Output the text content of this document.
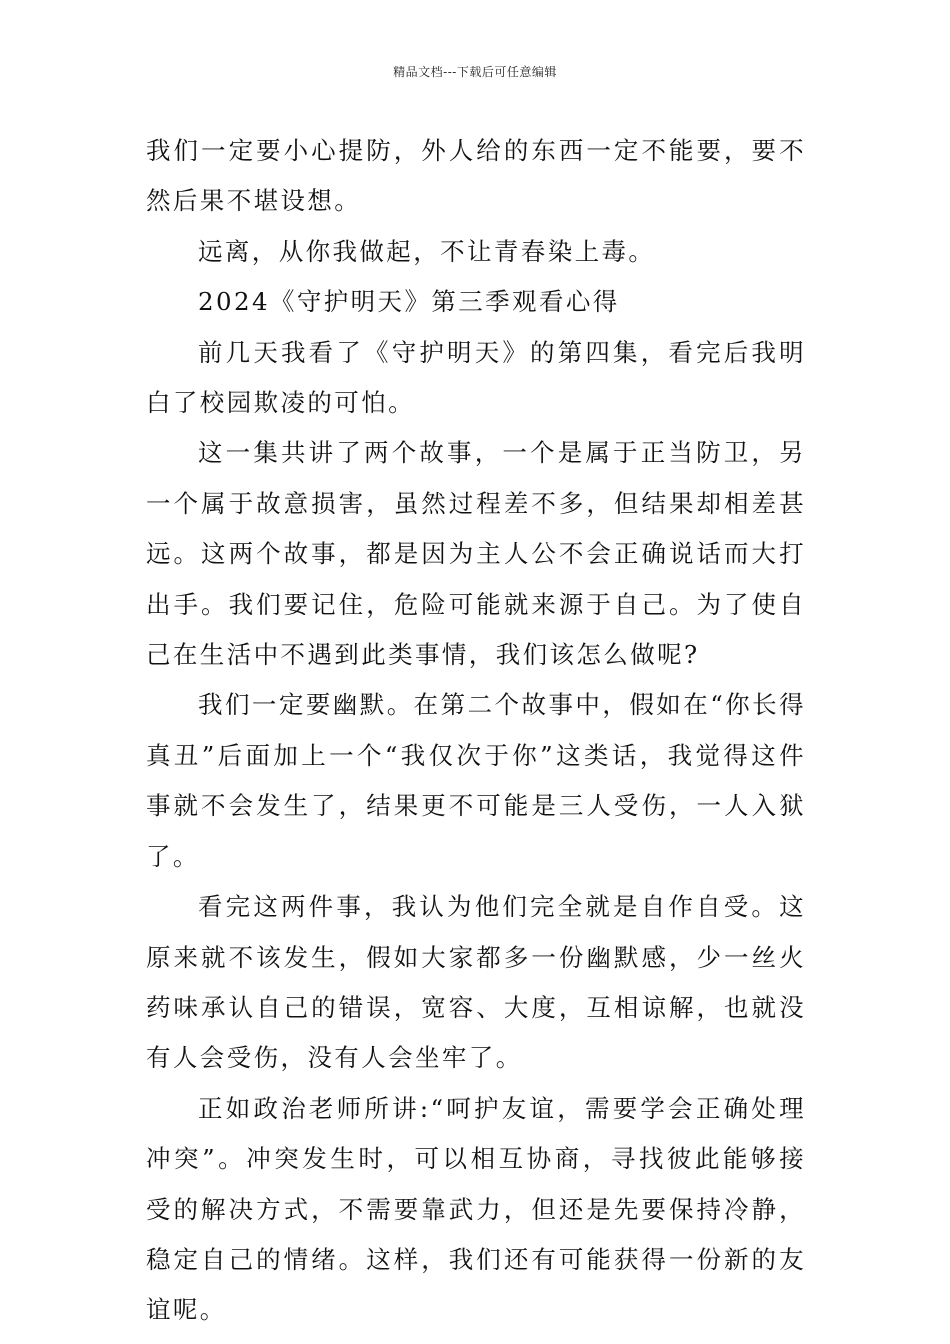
精品文档---下载后可任意编辑

我们一定要小心提防，外人给的东西一定不能要，要不然后果不堪设想。

远离，从你我做起，不让青春染上毒。

2024《守护明天》第三季观看心得

前几天我看了《守护明天》的第四集，看完后我明白了校园欺凌的可怕。

这一集共讲了两个故事，一个是属于正当防卫，另一个属于故意损害，虽然过程差不多，但结果却相差甚远。这两个故事，都是因为主人公不会正确说话而大打出手。我们要记住，危险可能就来源于自己。为了使自己在生活中不遇到此类事情，我们该怎么做呢?

我们一定要幽默。在第二个故事中，假如在“你长得真丑”后面加上一个“我仅次于你”这类话，我觉得这件事就不会发生了，结果更不可能是三人受伤，一人入狱了。

看完这两件事，我认为他们完全就是自作自受。这原来就不该发生，假如大家都多一份幽默感，少一丝火药味承认自己的错误，宽容、大度，互相谅解，也就没有人会受伤，没有人会坐牢了。

正如政治老师所讲:“呵护友谊，需要学会正确处理冲突”。冲突发生时，可以相互协商，寻找彼此能够接受的解决方式，不需要靠武力，但还是先要保持冷静，稳定自己的情绪。这样，我们还有可能获得一份新的友谊呢。
